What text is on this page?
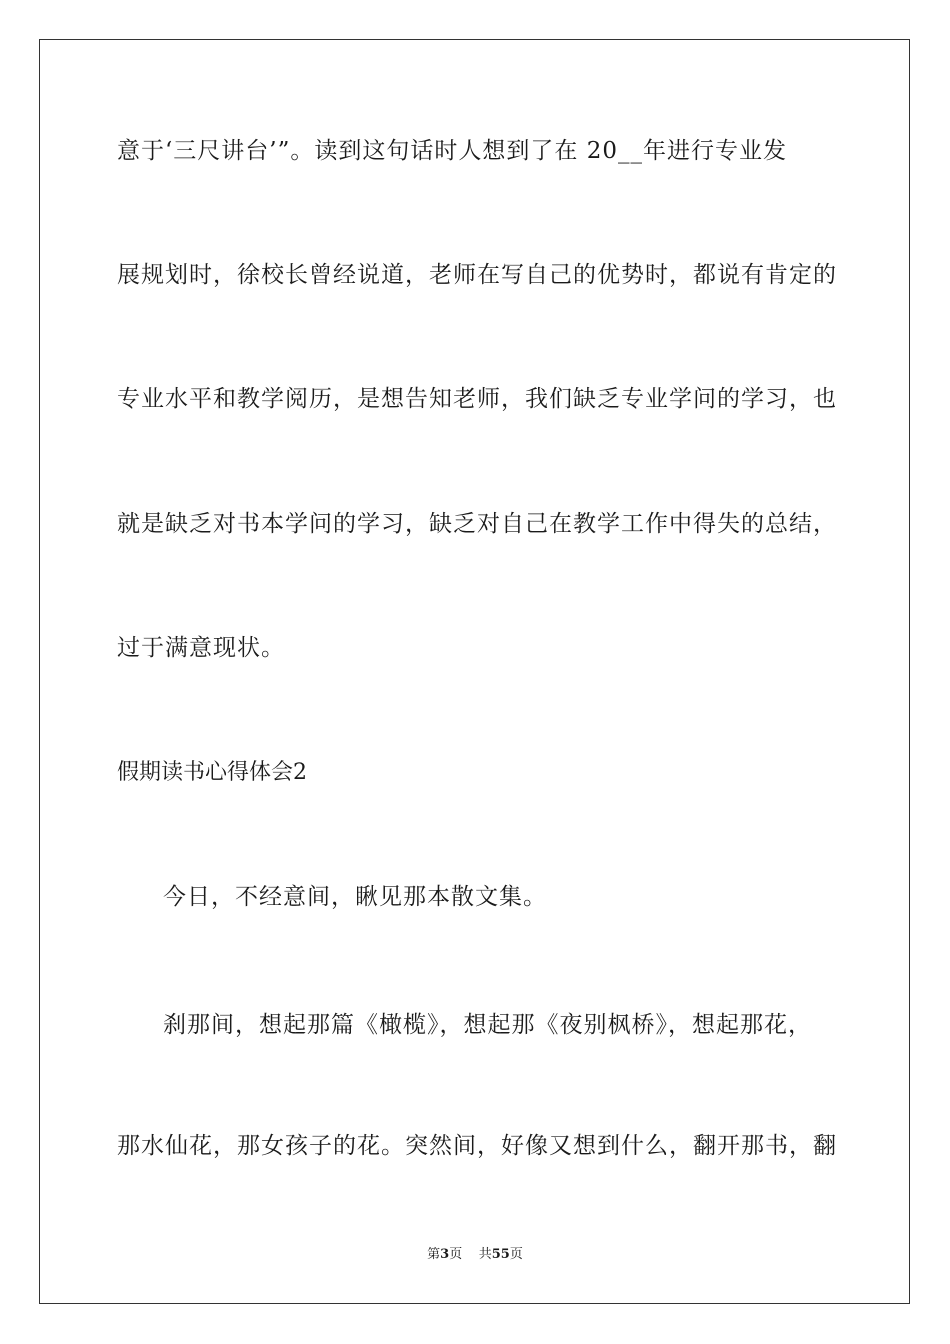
意于‘三尺讲台’”。读到这句话时人想到了在 20__年进行专业发
展规划时，徐校长曾经说道，老师在写自己的优势时，都说有肯定的
专业水平和教学阅历，是想告知老师，我们缺乏专业学问的学习，也
就是缺乏对书本学问的学习，缺乏对自己在教学工作中得失的总结，
过于满意现状。
假期读书心得体会2
今日，不经意间，瞅见那本散文集。
刹那间，想起那篇《橄榄》，想起那《夜别枫桥》，想起那花，
那水仙花，那女孩子的花。突然间，好像又想到什么，翻开那书，翻
第3页 共55页
